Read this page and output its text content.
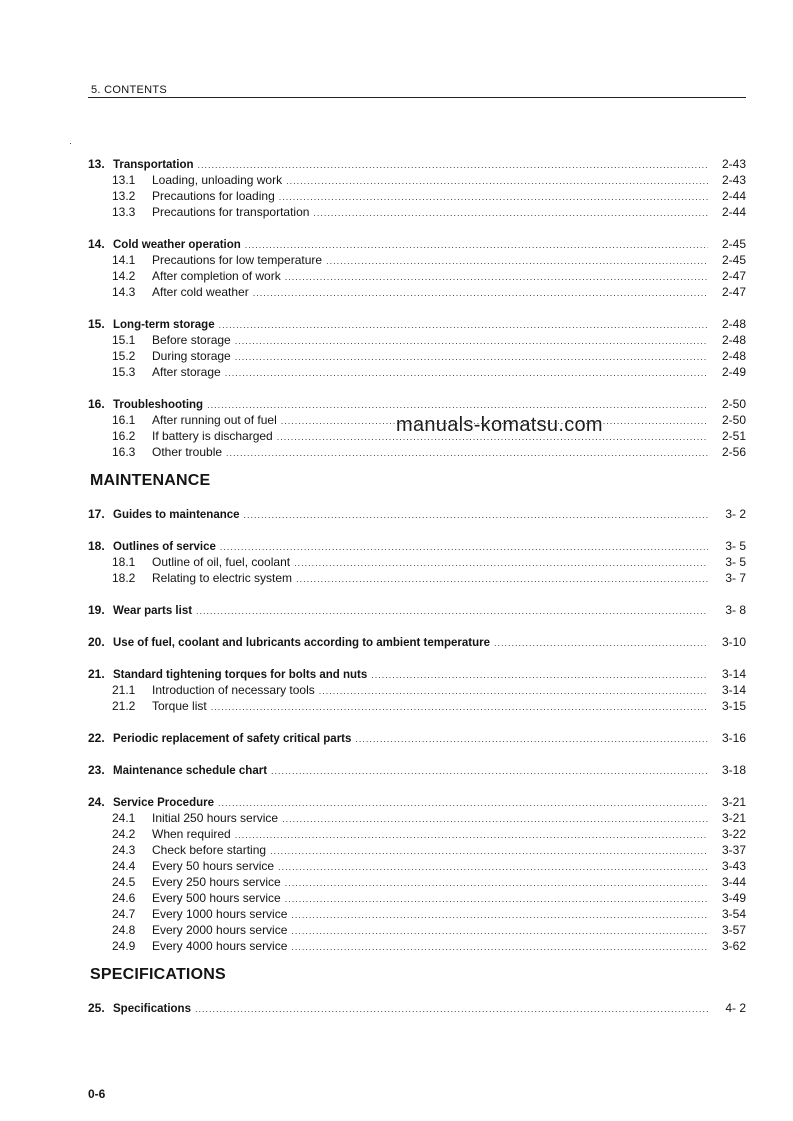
5. CONTENTS
13. Transportation .....	2-43
13.1	Loading, unloading work .....	2-43
13.2	Precautions for loading .....	2-44
13.3	Precautions for transportation .....	2-44
14. Cold weather operation .....	2-45
14.1	Precautions for low temperature .....	2-45
14.2	After completion of work .....	2-47
14.3	After cold weather .....	2-47
15. Long-term storage .....	2-48
15.1	Before storage .....	2-48
15.2	During storage .....	2-48
15.3	After storage .....	2-49
16. Troubleshooting .....	2-50
16.1	After running out of fuel .....	2-50
16.2	If battery is discharged .....	2-51
16.3	Other trouble .....	2-56
MAINTENANCE
17. Guides to maintenance .....	3- 2
18. Outlines of service .....	3- 5
18.1	Outline of oil, fuel, coolant .....	3- 5
18.2	Relating to electric system .....	3- 7
19. Wear parts list .....	3- 8
20. Use of fuel, coolant and lubricants according to ambient temperature .....	3-10
21. Standard tightening torques for bolts and nuts .....	3-14
21.1	Introduction of necessary tools .....	3-14
21.2	Torque list .....	3-15
22. Periodic replacement of safety critical parts .....	3-16
23. Maintenance schedule chart .....	3-18
24. Service Procedure .....	3-21
24.1	Initial 250 hours service .....	3-21
24.2	When required .....	3-22
24.3	Check before starting .....	3-37
24.4	Every 50 hours service .....	3-43
24.5	Every 250 hours service .....	3-44
24.6	Every 500 hours service .....	3-49
24.7	Every 1000 hours service .....	3-54
24.8	Every 2000 hours service .....	3-57
24.9	Every 4000 hours service .....	3-62
SPECIFICATIONS
25. Specifications .....	4- 2
manuals-komatsu.com
0-6
